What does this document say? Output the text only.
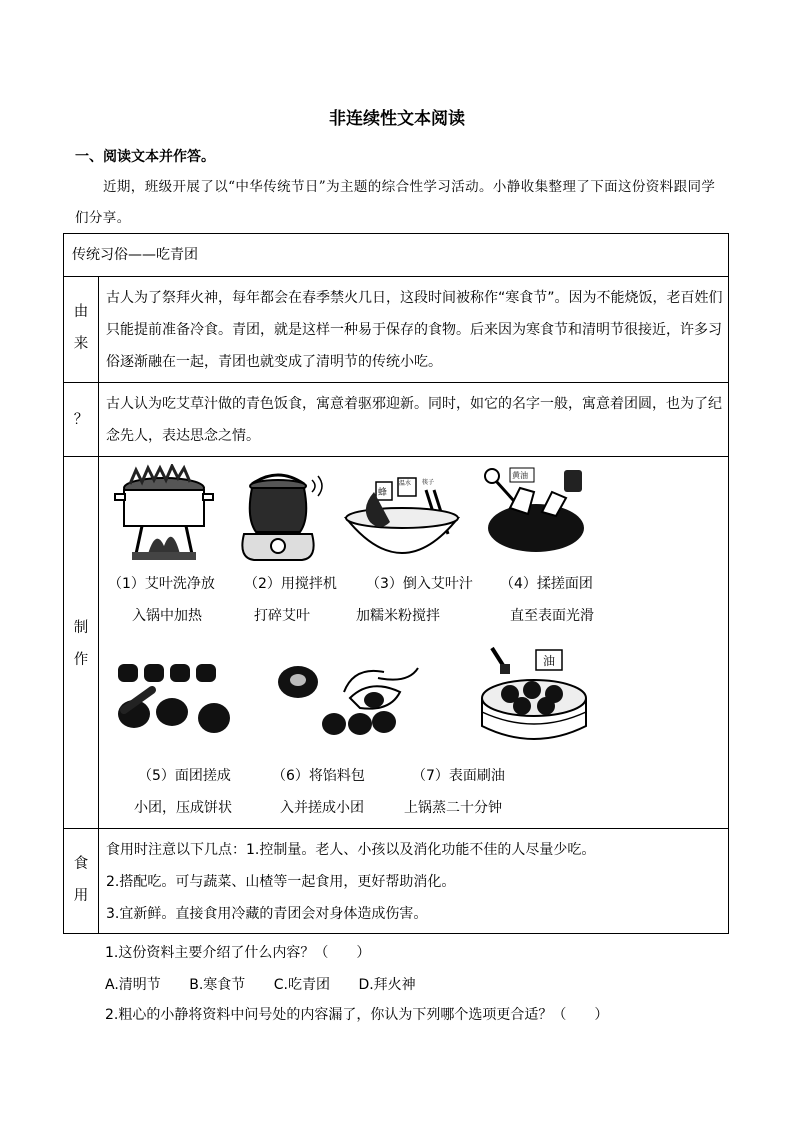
非连续性文本阅读
一、阅读文本并作答。
近期，班级开展了以“中华传统节日”为主题的综合性学习活动。小静收集整理了下面这份资料跟同学们分享。
传统习俗——吃青团
由
来
古人为了祭拜火神，每年都会在春季禁火几日，这段时间被称作“寒食节”。因为不能烧饭，老百姓们只能提前准备冷食。青团，就是这样一种易于保存的食物。后来因为寒食节和清明节很接近，许多习俗逐渐融在一起，青团也就变成了清明节的传统小吃。
？
古人认为吃艾草汁做的青色饭食，寓意着驱邪迎新。同时，如它的名字一般，寓意着团圆，也为了纪念先人，表达思念之情。
制
作
蜂
温水 筷子
黄油
（1）艾叶洗净放
入锅中加热
（2）用搅拌机
打碎艾叶
（3）倒入艾叶汁
加糯米粉搅拌
（4）揉搓面团
直至表面光滑
油
（5）面团搓成
小团，压成饼状
（6）将馅料包
入并搓成小团
（7）表面刷油
上锅蒸二十分钟
食
用
食用时注意以下几点：1.控制量。老人、小孩以及消化功能不佳的人尽量少吃。
2.搭配吃。可与蔬菜、山楂等一起食用，更好帮助消化。
3.宜新鲜。直接食用冷藏的青团会对身体造成伤害。
1.这份资料主要介绍了什么内容？（　　）
A.清明节 B.寒食节 C.吃青团 D.拜火神
2.粗心的小静将资料中问号处的内容漏了，你认为下列哪个选项更合适？（　　）
